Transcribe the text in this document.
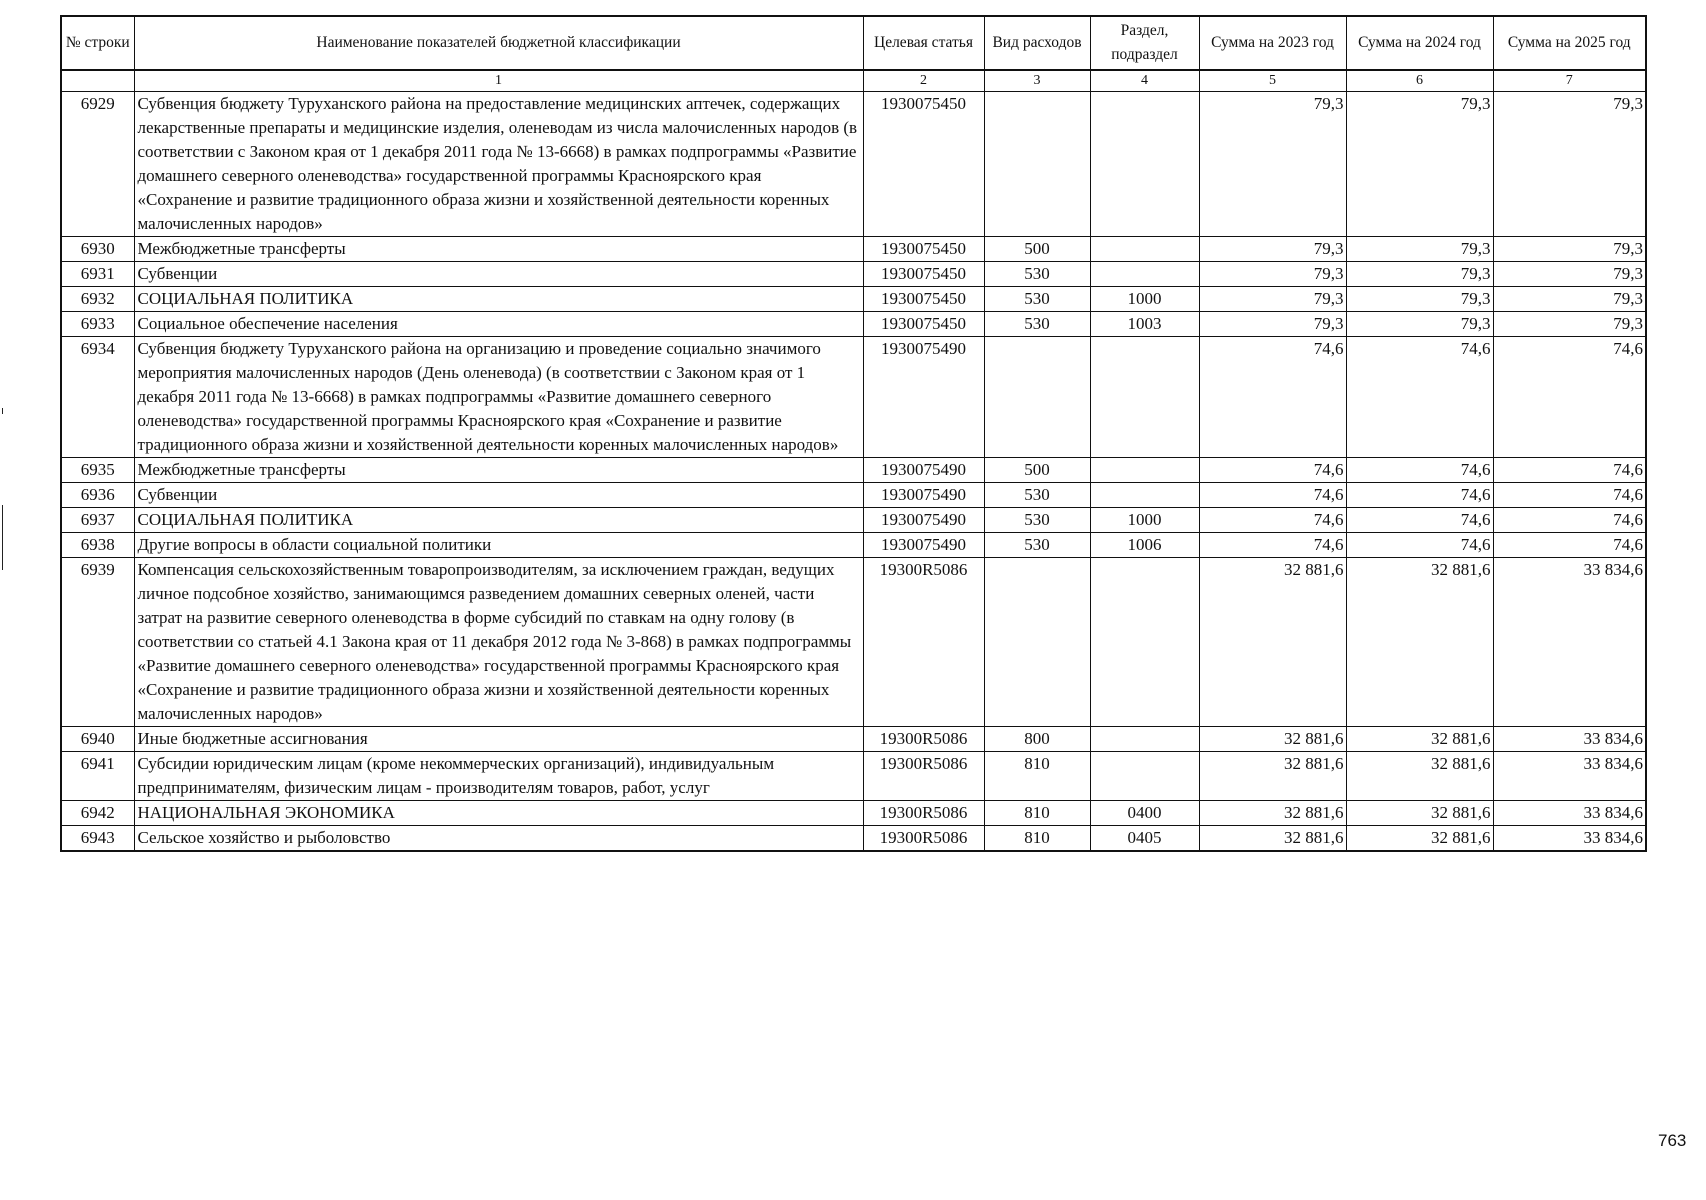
№ строки	Наименование показателей бюджетной классификации	Целевая статья	Вид расходов	Раздел, подраздел	Сумма на 2023 год	Сумма на 2024 год	Сумма на 2025 год
	1	2	3	4	5	6	7
6929	Субвенция бюджету Туруханского района на предоставление медицинских аптечек, содержащих лекарственные препараты и медицинские изделия, оленеводам из числа малочисленных народов (в соответствии с Законом края от 1 декабря 2011 года № 13-6668) в рамках подпрограммы «Развитие домашнего северного оленеводства» государственной программы Красноярского края «Сохранение и развитие традиционного образа жизни и хозяйственной деятельности коренных малочисленных народов»	1930075450			79,3	79,3	79,3
6930	Межбюджетные трансферты	1930075450	500		79,3	79,3	79,3
6931	Субвенции	1930075450	530		79,3	79,3	79,3
6932	СОЦИАЛЬНАЯ ПОЛИТИКА	1930075450	530	1000	79,3	79,3	79,3
6933	Социальное обеспечение населения	1930075450	530	1003	79,3	79,3	79,3
6934	Субвенция бюджету Туруханского района на организацию и проведение социально значимого мероприятия малочисленных народов (День оленевода) (в соответствии с Законом края от 1 декабря 2011 года № 13-6668) в рамках подпрограммы «Развитие домашнего северного оленеводства» государственной программы Красноярского края «Сохранение и развитие традиционного образа жизни и хозяйственной деятельности коренных малочисленных народов»	1930075490			74,6	74,6	74,6
6935	Межбюджетные трансферты	1930075490	500		74,6	74,6	74,6
6936	Субвенции	1930075490	530		74,6	74,6	74,6
6937	СОЦИАЛЬНАЯ ПОЛИТИКА	1930075490	530	1000	74,6	74,6	74,6
6938	Другие вопросы в области социальной политики	1930075490	530	1006	74,6	74,6	74,6
6939	Компенсация сельскохозяйственным товаропроизводителям, за исключением граждан, ведущих личное подсобное хозяйство, занимающимся разведением домашних северных оленей, части затрат на развитие северного оленеводства в форме субсидий по ставкам на одну голову (в соответствии со статьей 4.1 Закона края от 11 декабря 2012 года № 3-868) в рамках подпрограммы «Развитие домашнего северного оленеводства» государственной программы Красноярского края «Сохранение и развитие традиционного образа жизни и хозяйственной деятельности коренных малочисленных народов»	19300R5086			32 881,6	32 881,6	33 834,6
6940	Иные бюджетные ассигнования	19300R5086	800		32 881,6	32 881,6	33 834,6
6941	Субсидии юридическим лицам (кроме некоммерческих организаций), индивидуальным предпринимателям, физическим лицам - производителям товаров, работ, услуг	19300R5086	810		32 881,6	32 881,6	33 834,6
6942	НАЦИОНАЛЬНАЯ ЭКОНОМИКА	19300R5086	810	0400	32 881,6	32 881,6	33 834,6
6943	Сельское хозяйство и рыболовство	19300R5086	810	0405	32 881,6	32 881,6	33 834,6
763
